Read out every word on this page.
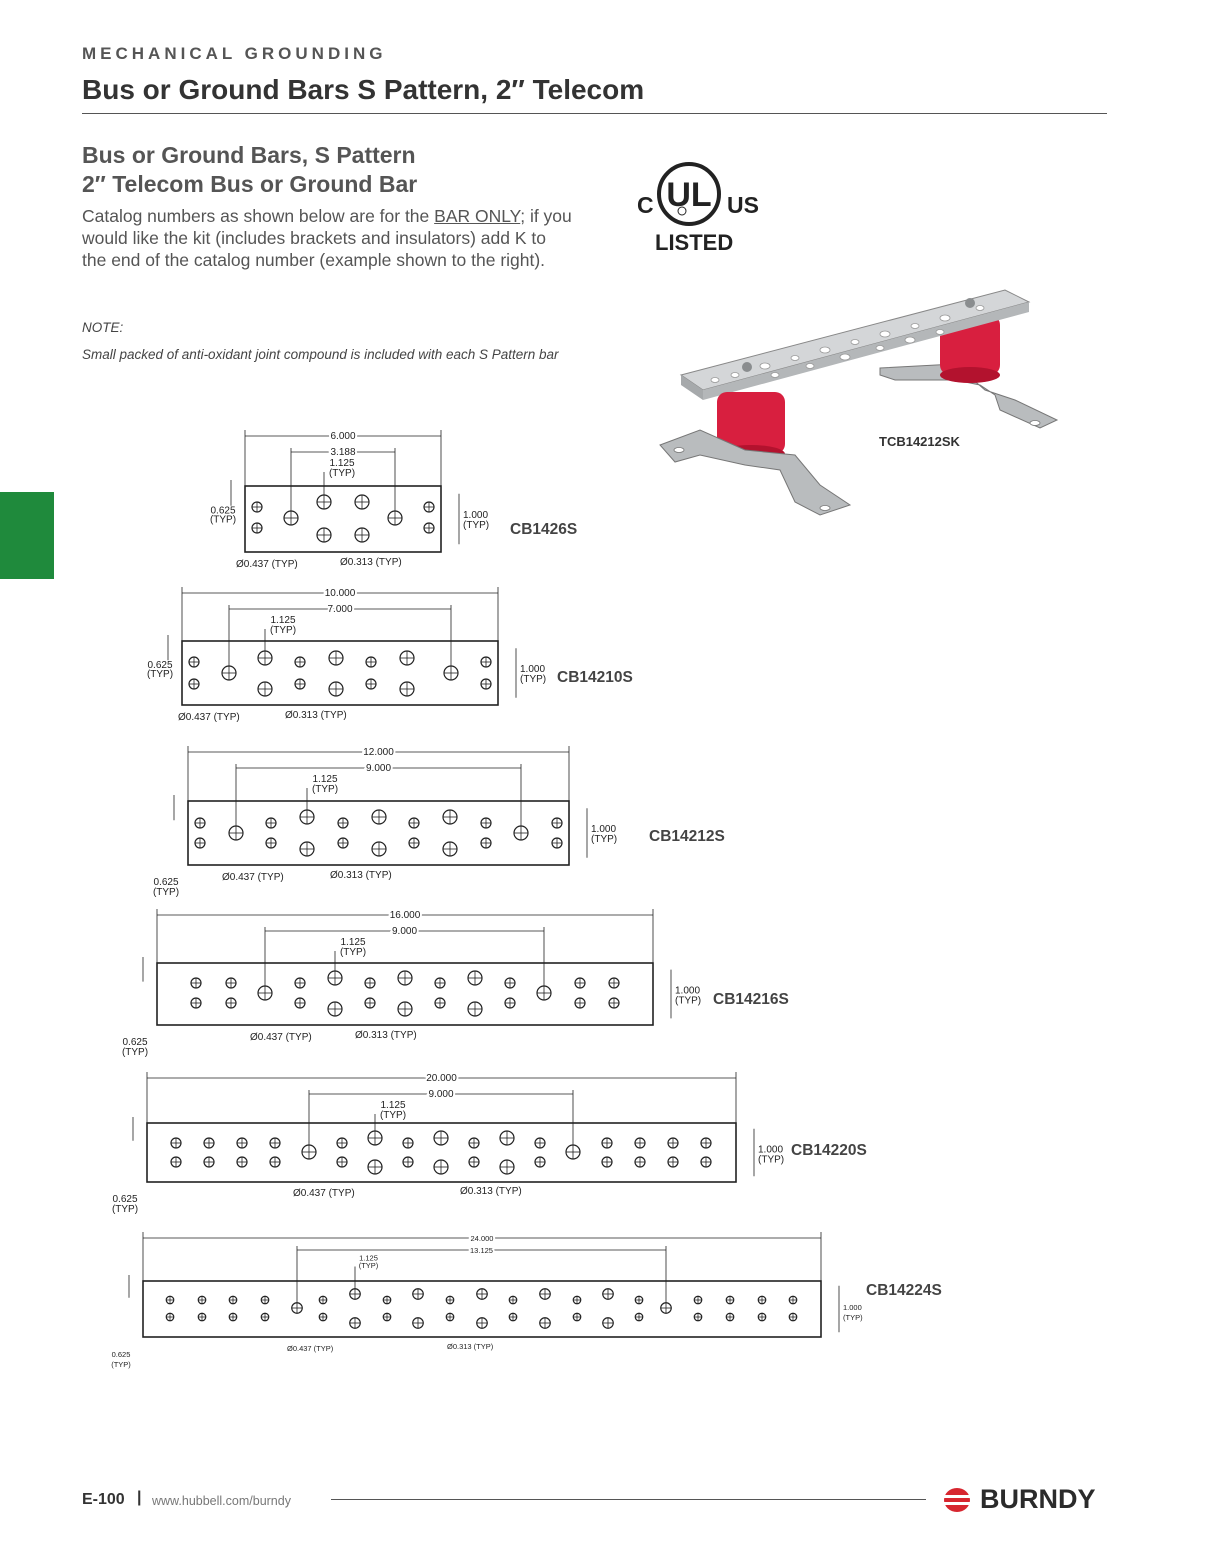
MECHANICAL GROUNDING
Bus or Ground Bars S Pattern, 2″ Telecom
Bus or Ground Bars, S Pattern
2″ Telecom Bus or Ground Bar
Catalog numbers as shown below are for the BAR ONLY; if you would like the kit (includes brackets and insulators) add K to the end of the catalog number (example shown to the right).
NOTE:
Small packed of anti-oxidant joint compound is included with each S Pattern bar
UL
C	US
LISTED
TCB14212SK
6.000
3.188
1.125
(TYP)
1.000
(TYP)
0.625
(TYP)
Ø0.437 (TYP)	Ø0.313 (TYP)
10.000
7.000
1.125
(TYP)
1.000
(TYP)
0.625
(TYP)
Ø0.437 (TYP)	Ø0.313 (TYP)
12.000
9.000
1.125
(TYP)
1.000
(TYP)
0.625
(TYP)
Ø0.437 (TYP)	Ø0.313 (TYP)
16.000
9.000
1.125
(TYP)
1.000
(TYP)
0.625
(TYP)
Ø0.437 (TYP)	Ø0.313 (TYP)
20.000
9.000
1.125
(TYP)
1.000
(TYP)
0.625
(TYP)
Ø0.437 (TYP)	Ø0.313 (TYP)
24.000
13.125
1.125
(TYP)
1.000
(TYP)
0.625
(TYP)
Ø0.437 (TYP)	Ø0.313 (TYP)
CB1426S
CB14210S
CB14212S
CB14216S
CB14220S
CB14224S
E-100 | www.hubbell.com/burndy	BURNDY
